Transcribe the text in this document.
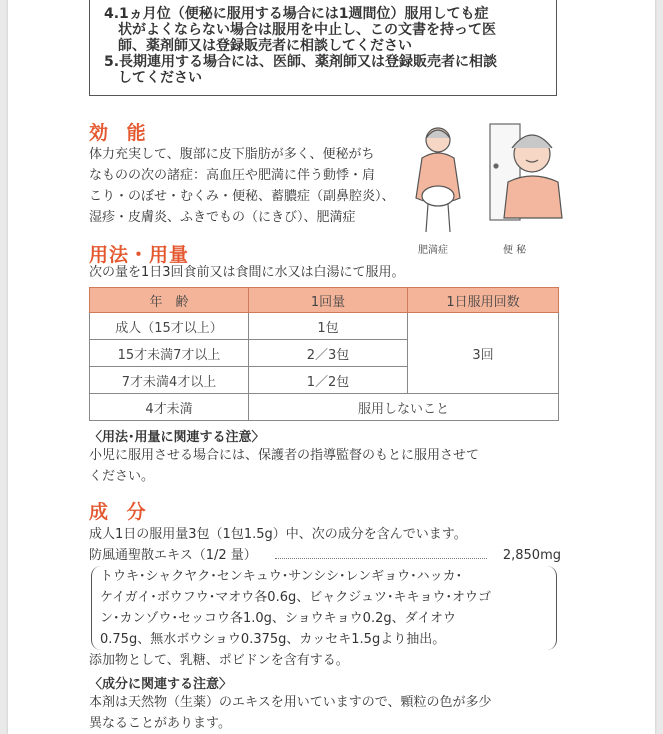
4.1ヵ月位（便秘に服用する場合には1週間位）服用しても症

状がよくならない場合は服用を中止し、この文書を持って医

師、薬剤師又は登録販売者に相談してください

5.長期連用する場合には、医師、薬剤師又は登録販売者に相談

してください

効 能
体力充実して、腹部に皮下脂肪が多く、便秘がち
なものの次の諸症：高血圧や肥満に伴う動悸・肩
こり・のぼせ・むくみ・便秘、蓄膿症（副鼻腔炎）、
湿疹・皮膚炎、ふきでもの（にきび）、肥満症
肥満症	便 秘
用法・用量
次の量を1日3回食前又は食間に水又は白湯にて服用。
年　齢	1回量	1日服用回数
成人（15才以上）	1包	3回
15才未満7才以上	2／3包	
7才未満4才以上	1／2包	
4才未満	服用しないこと	
〈用法･用量に関連する注意〉
小児に服用させる場合には、保護者の指導監督のもとに服用させて
ください。
成 分
成人1日の服用量3包（1包1.5g）中、次の成分を含んでいます。
防風通聖散エキス（1/2 量）	2,850mg
トウキ･シャクヤク･センキュウ･サンシシ･レンギョウ･ハッカ･
ケイガイ･ボウフウ･マオウ各0.6g、ビャクジュツ･キキョウ･オウゴ
ン･カンゾウ･セッコウ各1.0g、ショウキョウ0.2g、ダイオウ
0.75g、無水ボウショウ0.375g、カッセキ1.5gより抽出。
添加物として、乳糖、ポビドンを含有する。
〈成分に関連する注意〉
本剤は天然物（生薬）のエキスを用いていますので、顆粒の色が多少
異なることがあります。
